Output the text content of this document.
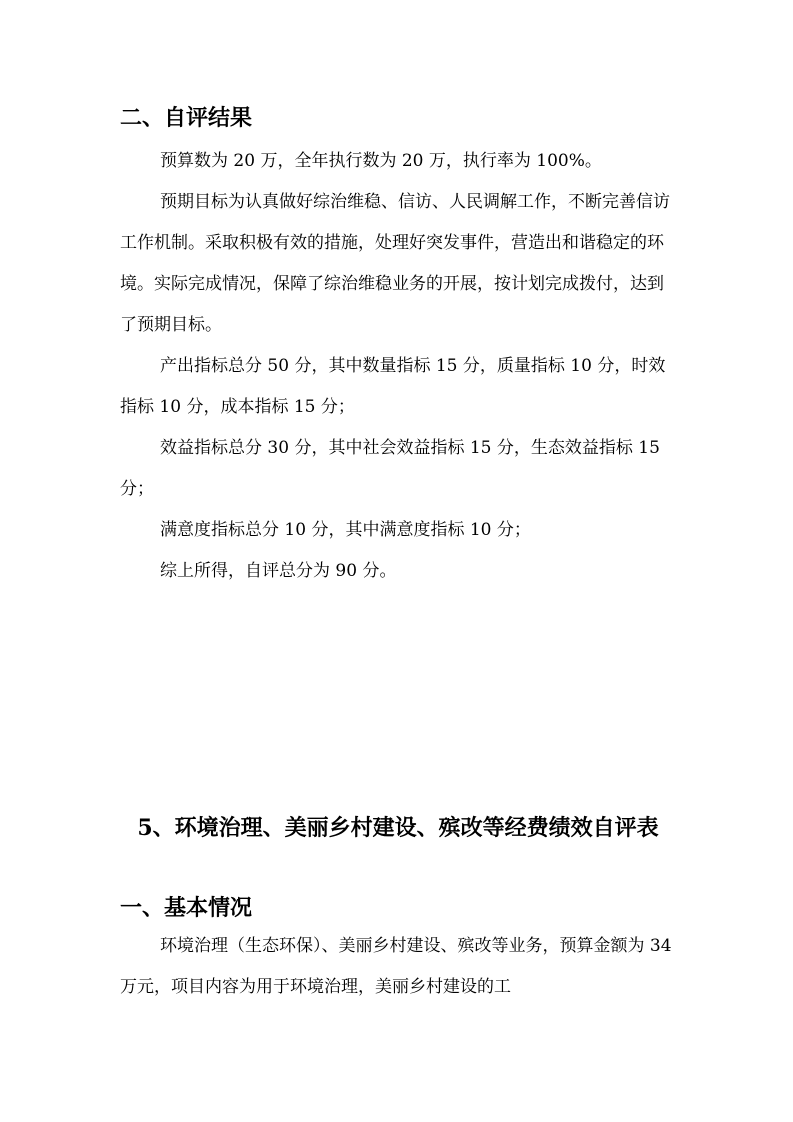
二、自评结果

预算数为 20 万，全年执行数为 20 万，执行率为 100%。

预期目标为认真做好综治维稳、信访、人民调解工作，不断完善信访工作机制。采取积极有效的措施，处理好突发事件，营造出和谐稳定的环境。实际完成情况，保障了综治维稳业务的开展，按计划完成拨付，达到了预期目标。

产出指标总分 50 分，其中数量指标 15 分，质量指标 10 分，时效指标 10 分，成本指标 15 分；

效益指标总分 30 分，其中社会效益指标 15 分，生态效益指标 15 分；

满意度指标总分 10 分，其中满意度指标 10 分；

综上所得，自评总分为 90 分。

5、环境治理、美丽乡村建设、殡改等经费绩效自评表
一、基本情况

环境治理（生态环保）、美丽乡村建设、殡改等业务，预算金额为 34 万元，项目内容为用于环境治理，美丽乡村建设的工
